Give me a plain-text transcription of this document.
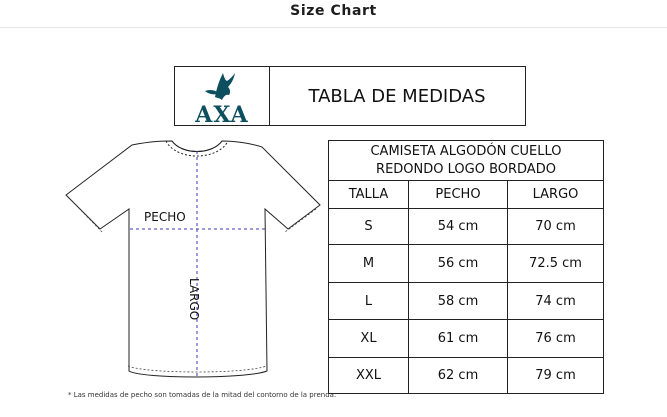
Size Chart
AXA
TABLA DE MEDIDAS
PECHO
LARGO
CAMISETA ALGODÓN CUELLO
REDONDO LOGO BORDADO
TALLA	PECHO	LARGO
S	54 cm	70 cm
M	56 cm	72.5 cm
L	58 cm	74 cm
XL	61 cm	76 cm
XXL	62 cm	79 cm
* Las medidas de pecho son tomadas de la mitad del contorno de la prenda.
